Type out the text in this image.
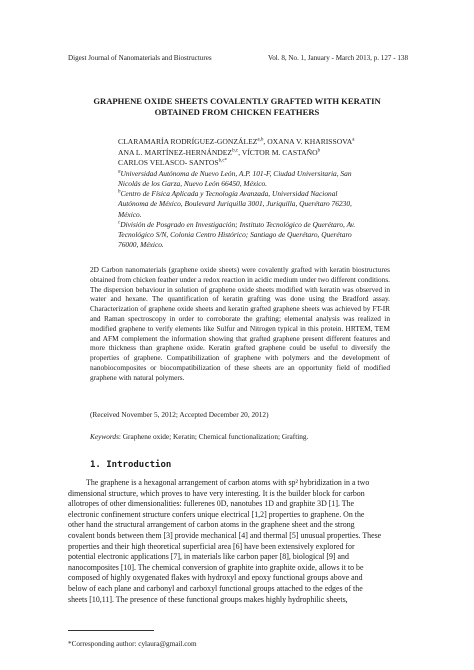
Digest Journal of Nanomaterials and Biostructures	Vol. 8, No. 1, January - March 2013, p. 127 - 138
GRAPHENE OXIDE SHEETS COVALENTLY GRAFTED WITH KERATIN
OBTAINED FROM CHICKEN FEATHERS
CLARAMARÍA RODRÍGUEZ-GONZÁLEZ$^{a,b}$, OXANA V. KHARISSOVA$^a$
ANA L. MARTÍNEZ-HERNÁNDEZ$^{b,c}$, VÍCTOR M. CASTAÑO$^b$
CARLOS VELASCO- $SANTOS^{b,c*}$
$^a$Universidad Autónoma de Nuevo León, A.P. 101-F, Ciudad Universitaria, San
Nicolás de los Garza, Nuevo León 66450, México.
$^b$Centro de Física Aplicada y Tecnología Avanzada, Universidad Nacional
Autónoma de México, Boulevard Juriquilla 3001, Juriquilla, Querétaro 76230,
México.
$^c$División de Posgrado en Investigación; Instituto Tecnológico de Querétaro, Av.
Tecnológico S/N, Colonia Centro Histórico; Santiago de Querétaro, Querétaro
76000, México.
2D Carbon nanomaterials (graphene oxide sheets) were covalently grafted with keratin biostructures obtained from chicken feather under a redox reaction in acidic medium under two different conditions. The dispersion behaviour in solution of graphene oxide sheets modified with keratin was observed in water and hexane. The quantification of keratin grafting was done using the Bradford assay. Characterization of graphene oxide sheets and keratin grafted graphene sheets was achieved by FT-IR and Raman spectroscopy in order to corroborate the grafting; elemental analysis was realized in modified graphene to verify elements like Sulfur and Nitrogen typical in this protein. HRTEM, TEM and AFM complement the information showing that grafted graphene present different features and more thickness than graphene oxide. Keratin grafted graphene could be useful to diversify the properties of graphene. Compatibilization of graphene with polymers and the development of nanobiocomposites or biocompatibilization of these sheets are an opportunity field of modified graphene with natural polymers.
(Received November 5, 2012; Accepted December 20, 2012)
Keywords: Graphene oxide; Keratin; Chemical functionalization; Grafting.
1. Introduction
The graphene is a hexagonal arrangement of carbon atoms with sp² hybridization in a two
dimensional structure, which proves to have very interesting. It is the builder block for carbon
allotropes of other dimensionalities: fullerenes 0D, nanotubes 1D and graphite 3D [1]. The
electronic confinement structure confers unique electrical [1,2] properties to graphene. On the
other hand the structural arrangement of carbon atoms in the graphene sheet and the strong
covalent bonds between them [3] provide mechanical [4] and thermal [5] unusual properties. These
properties and their high theoretical superficial area [6] have been extensively explored for
potential electronic applications [7], in materials like carbon paper [8], biological [9] and
nanocomposites [10]. The chemical conversion of graphite into graphite oxide, allows it to be
composed of highly oxygenated flakes with hydroxyl and epoxy functional groups above and
below of each plane and carbonyl and carboxyl functional groups attached to the edges of the
sheets [10,11]. The presence of these functional groups makes highly hydrophilic sheets,
*Corresponding author: cylaura@gmail.com
